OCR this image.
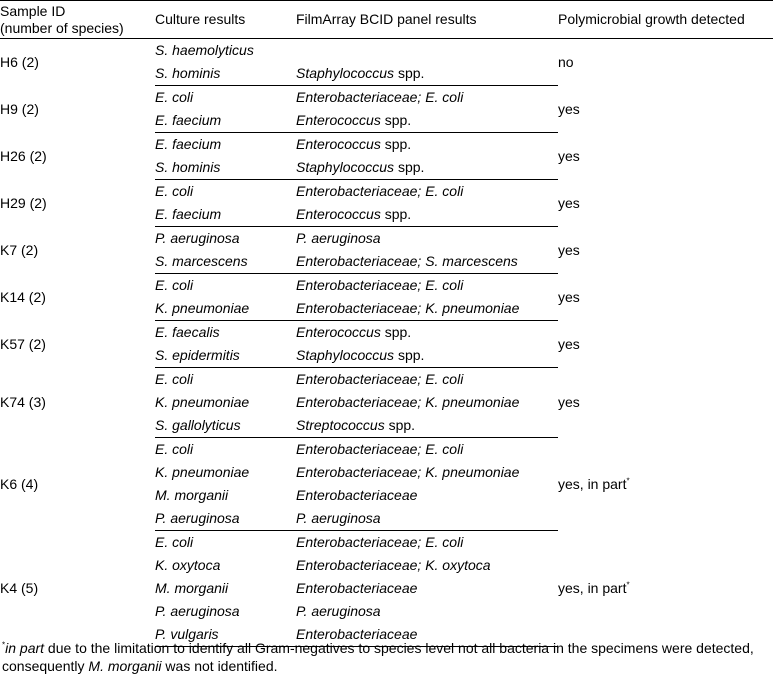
Sample ID
(number of species)	Culture results	FilmArray BCID panel results	Polymicrobial growth detected
H6 (2)	S. haemolyticus		no
	S. hominis	Staphylococcus spp.	
H9 (2)	E. coli	Enterobacteriaceae; E. coli	yes
	E. faecium	Enterococcus spp.	
H26 (2)	E. faecium	Enterococcus spp.	yes
	S. hominis	Staphylococcus spp.	
H29 (2)	E. coli	Enterobacteriaceae; E. coli	yes
	E. faecium	Enterococcus spp.	
K7 (2)	P. aeruginosa	P. aeruginosa	yes
	S. marcescens	Enterobacteriaceae; S. marcescens	
K14 (2)	E. coli	Enterobacteriaceae; E. coli	yes
	K. pneumoniae	Enterobacteriaceae; K. pneumoniae	
K57 (2)	E. faecalis	Enterococcus spp.	yes
	S. epidermitis	Staphylococcus spp.	
K74 (3)	E. coli	Enterobacteriaceae; E. coli	yes
	K. pneumoniae	Enterobacteriaceae; K. pneumoniae	
	S. gallolyticus	Streptococcus spp.	
K6 (4)	E. coli	Enterobacteriaceae; E. coli	yes, in part*
	K. pneumoniae	Enterobacteriaceae; K. pneumoniae	
	M. morganii	Enterobacteriaceae	
	P. aeruginosa	P. aeruginosa	
K4 (5)	E. coli	Enterobacteriaceae; E. coli	yes, in part*
	K. oxytoca	Enterobacteriaceae; K. oxytoca	
	M. morganii	Enterobacteriaceae	
	P. aeruginosa	P. aeruginosa	
	P. vulgaris	Enterobacteriaceae	
*in part due to the limitation to identify all Gram-negatives to species level not all bacteria in the specimens were detected, consequently M. morganii was not identified.
